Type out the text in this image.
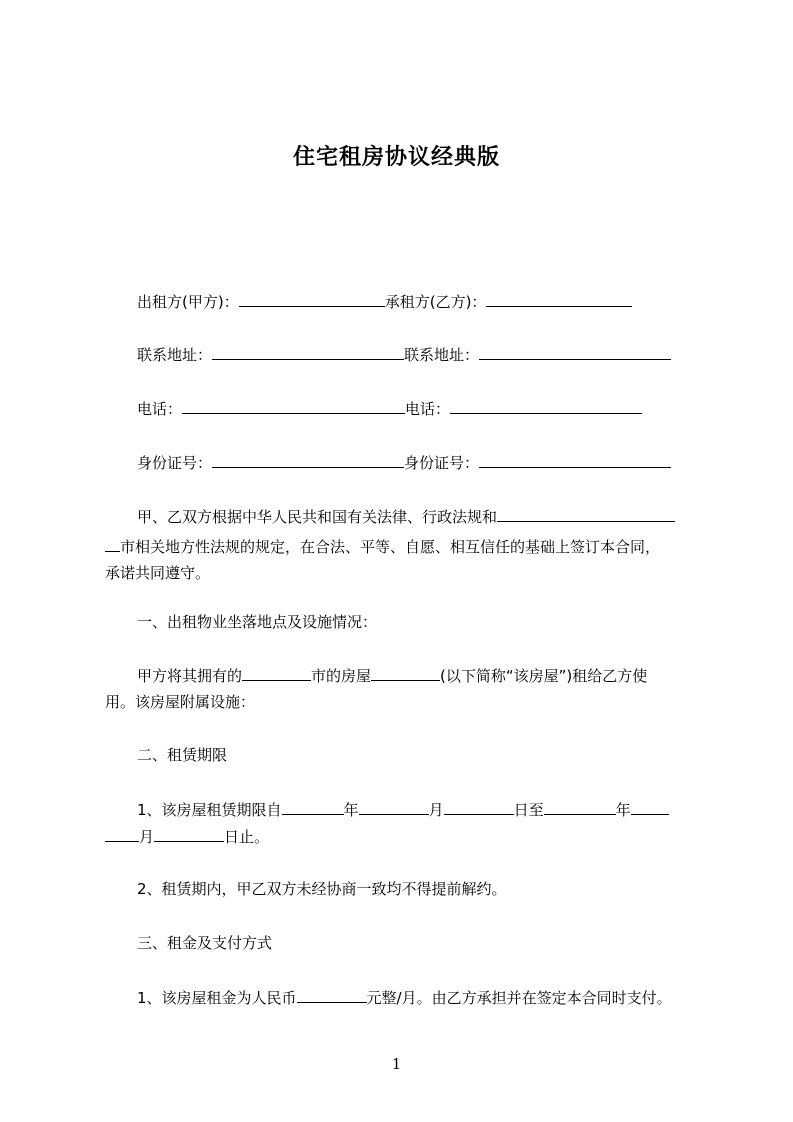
住宅租房协议经典版
出租方(甲方)：	承租方(乙方)：
联系地址：	联系地址：
电话：	电话：
身份证号：	身份证号：
甲、乙双方根据中华人民共和国有关法律、行政法规和
市相关地方性法规的规定，在合法、平等、自愿、相互信任的基础上签订本合同，
承诺共同遵守。
一、出租物业坐落地点及设施情况：
甲方将其拥有的	市的房屋	(以下简称“该房屋”)租给乙方使
用。该房屋附属设施：
二、租赁期限
1、该房屋租赁期限自	年	月	日至	年
月	日止。
2、租赁期内，甲乙双方未经协商一致均不得提前解约。
三、租金及支付方式
1、该房屋租金为人民币	元整/月。由乙方承担并在签定本合同时支付。
1
